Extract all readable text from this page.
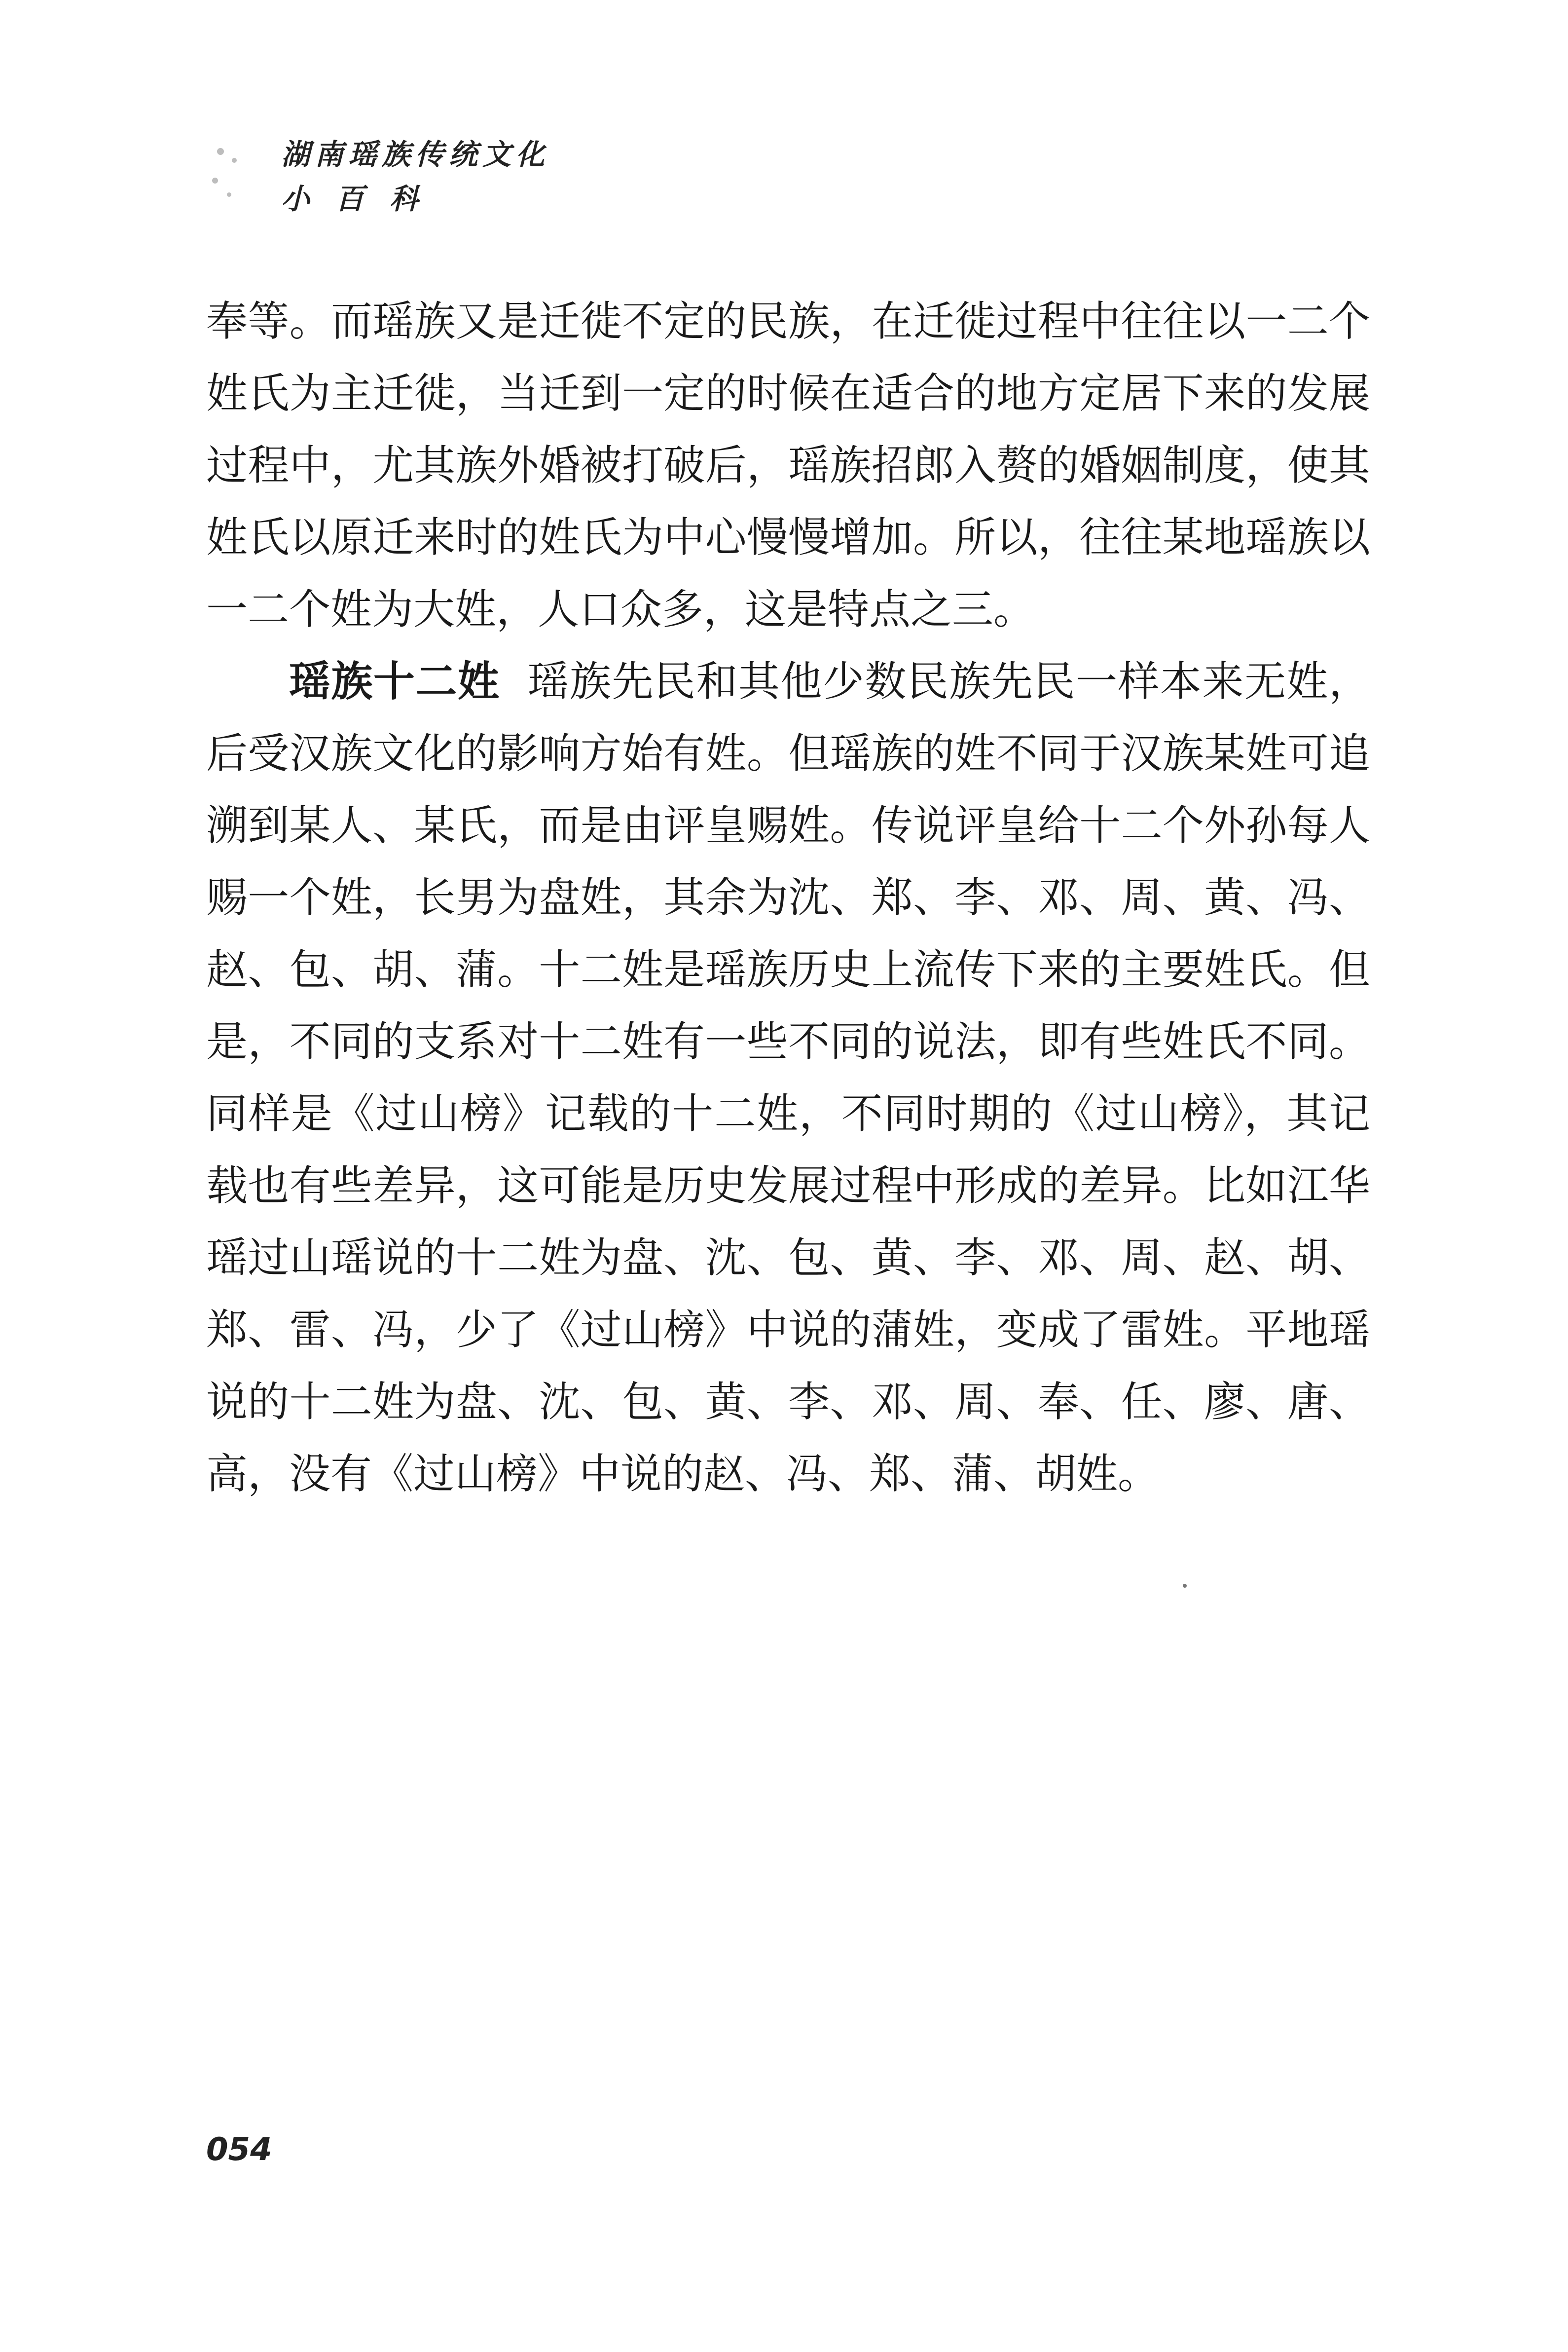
湖南瑶族传统文化
小百科

奉等。而瑶族又是迁徙不定的民族，在迁徙过程中往往以一二个姓氏为主迁徙，当迁到一定的时候在适合的地方定居下来的发展过程中，尤其族外婚被打破后，瑶族招郎入赘的婚姻制度，使其姓氏以原迁来时的姓氏为中心慢慢增加。所以，往往某地瑶族以一二个姓为大姓，人口众多，这是特点之三。

瑶族十二姓 瑶族先民和其他少数民族先民一样本来无姓，后受汉族文化的影响方始有姓。但瑶族的姓不同于汉族某姓可追溯到某人、某氏，而是由评皇赐姓。传说评皇给十二个外孙每人赐一个姓，长男为盘姓，其余为沈、郑、李、邓、周、黄、冯、赵、包、胡、蒲。十二姓是瑶族历史上流传下来的主要姓氏。但是，不同的支系对十二姓有一些不同的说法，即有些姓氏不同。同样是《过山榜》记载的十二姓，不同时期的《过山榜》，其记载也有些差异，这可能是历史发展过程中形成的差异。比如江华瑶过山瑶说的十二姓为盘、沈、包、黄、李、邓、周、赵、胡、郑、雷、冯，少了《过山榜》中说的蒲姓，变成了雷姓。平地瑶说的十二姓为盘、沈、包、黄、李、邓、周、奉、任、廖、唐、高，没有《过山榜》中说的赵、冯、郑、蒲、胡姓。

054
